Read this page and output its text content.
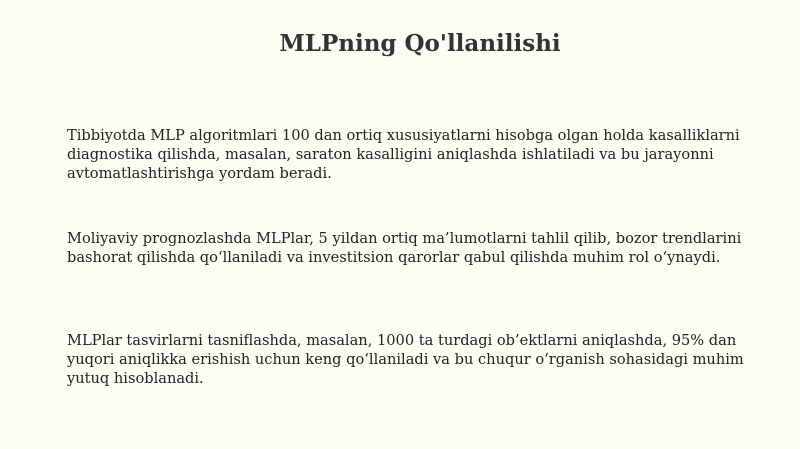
MLPning Qo'llanilishi

Tibbiyotda MLP algoritmlari 100 dan ortiq xususiyatlarni hisobga olgan holda kasalliklarni diagnostika qilishda, masalan, saraton kasalligini aniqlashda ishlatiladi va bu jarayonni avtomatlashtirishga yordam beradi.

Moliyaviy prognozlashda MLPlar, 5 yildan ortiq ma’lumotlarni tahlil qilib, bozor trendlarini bashorat qilishda qo‘llaniladi va investitsion qarorlar qabul qilishda muhim rol o‘ynaydi.

MLPlar tasvirlarni tasniflashda, masalan, 1000 ta turdagi ob’ektlarni aniqlashda, 95% dan yuqori aniqlikka erishish uchun keng qo‘llaniladi va bu chuqur o‘rganish sohasidagi muhim yutuq hisoblanadi.
